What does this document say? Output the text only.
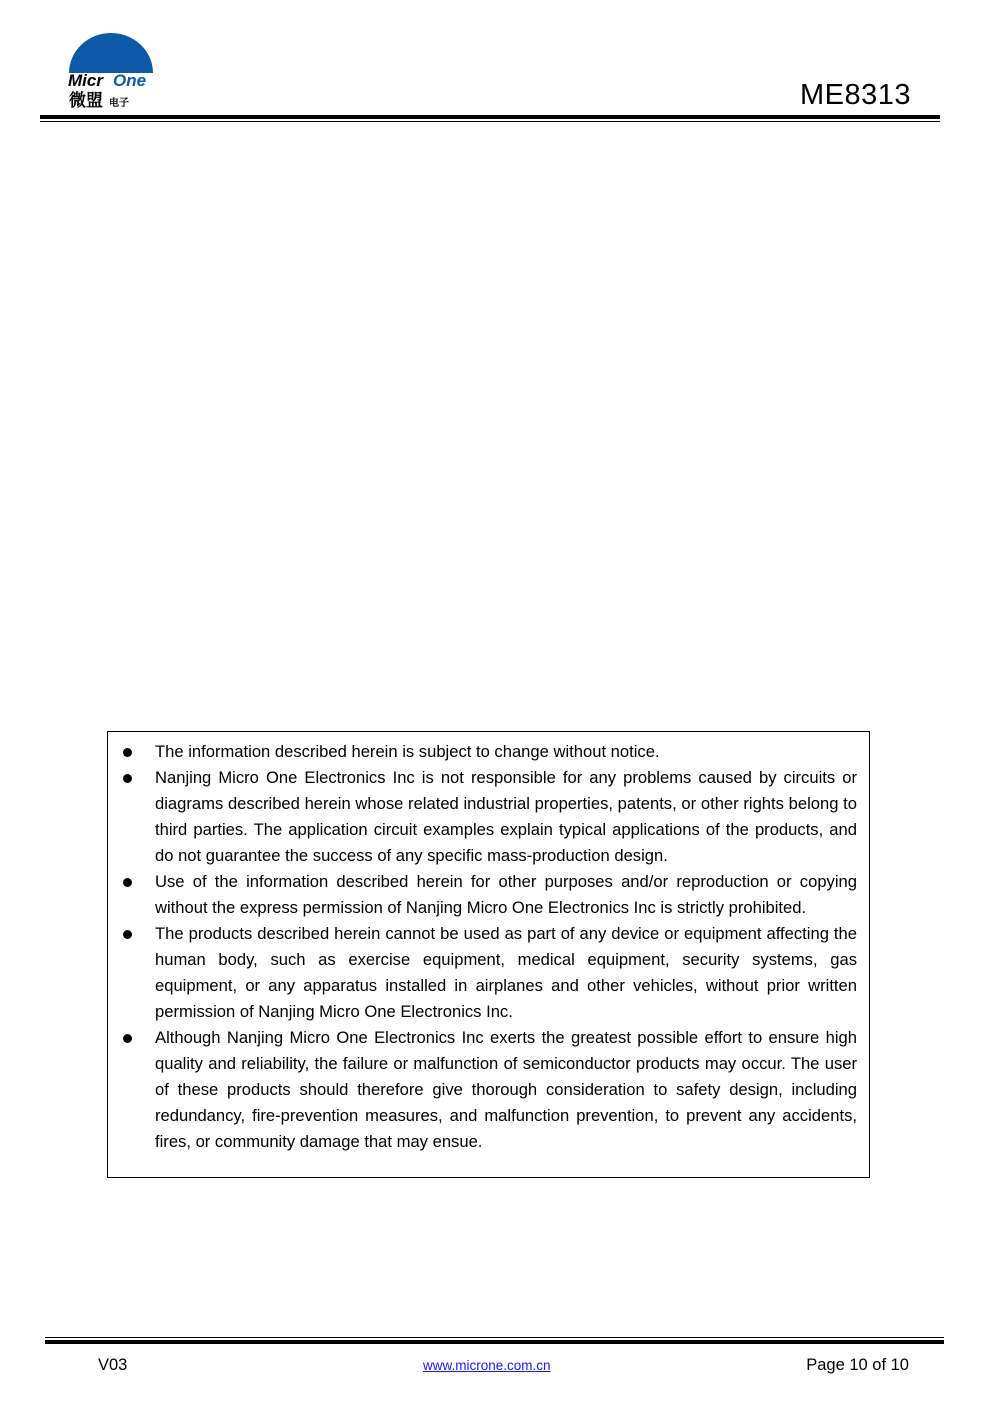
Micr One
微盟 电子	ME8313
The information described herein is subject to change without notice.
Nanjing Micro One Electronics Inc is not responsible for any problems caused by circuits or diagrams described herein whose related industrial properties, patents, or other rights belong to third parties. The application circuit examples explain typical applications of the products, and do not guarantee the success of any specific mass-production design.
Use of the information described herein for other purposes and/or reproduction or copying without the express permission of Nanjing Micro One Electronics Inc is strictly prohibited.
The products described herein cannot be used as part of any device or equipment affecting the human body, such as exercise equipment, medical equipment, security systems, gas equipment, or any apparatus installed in airplanes and other vehicles, without prior written permission of Nanjing Micro One Electronics Inc.
Although Nanjing Micro One Electronics Inc exerts the greatest possible effort to ensure high quality and reliability, the failure or malfunction of semiconductor products may occur. The user of these products should therefore give thorough consideration to safety design, including redundancy, fire-prevention measures, and malfunction prevention, to prevent any accidents, fires, or community damage that may ensue.
V03	www.microne.com.cn	Page 10 of 10
